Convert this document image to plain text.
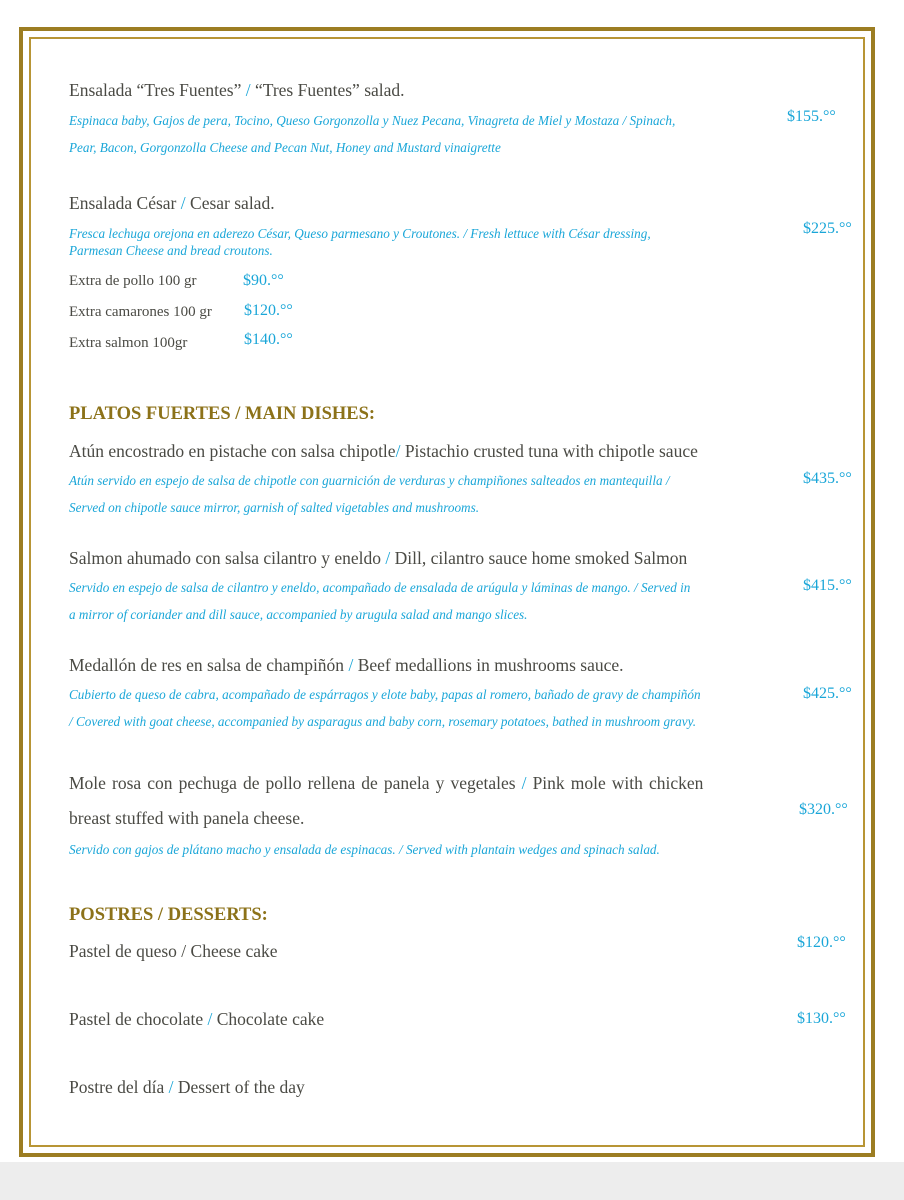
Ensalada “Tres Fuentes” / “Tres Fuentes” salad.
Espinaca baby, Gajos de pera, Tocino, Queso Gorgonzolla y Nuez Pecana, Vinagreta de Miel y Mostaza / Spinach,
Pear, Bacon, Gorgonzolla Cheese and Pecan Nut, Honey and Mustard vinaigrette
$155.°°
Ensalada César / Cesar salad.
Fresca lechuga orejona en aderezo César, Queso parmesano y Croutones. / Fresh lettuce with César dressing,
Parmesan Cheese and bread croutons.
$225.°°
Extra de pollo 100 gr	$90.°°
Extra camarones 100 gr $120.°°
Extra salmon 100gr	$140.°°
PLATOS FUERTES / MAIN DISHES:
Atún encostrado en pistache con salsa chipotle/ Pistachio crusted tuna with chipotle sauce
Atún servido en espejo de salsa de chipotle con guarnición de verduras y champiñones salteados en mantequilla /
Served on chipotle sauce mirror, garnish of salted vigetables and mushrooms.
$435.°°
Salmon ahumado con salsa cilantro y eneldo / Dill, cilantro sauce home smoked Salmon
Servido en espejo de salsa de cilantro y eneldo, acompañado de ensalada de arúgula y láminas de mango. / Served in
a mirror of coriander and dill sauce, accompanied by arugula salad and mango slices.
$415.°°
Medallón de res en salsa de champiñón / Beef medallions in mushrooms sauce.
Cubierto de queso de cabra, acompañado de espárragos y elote baby, papas al romero, bañado de gravy de champiñón
/ Covered with goat cheese, accompanied by asparagus and baby corn, rosemary potatoes, bathed in mushroom gravy.
$425.°°
Mole rosa con pechuga de pollo rellena de panela y vegetales / Pink mole with chicken
breast stuffed with panela cheese.
Servido con gajos de plátano macho y ensalada de espinacas. / Served with plantain wedges and spinach salad.
$320.°°
POSTRES / DESSERTS:
Pastel de queso / Cheese cake	$120.°°
Pastel de chocolate / Chocolate cake	$130.°°
Postre del día / Dessert of the day
